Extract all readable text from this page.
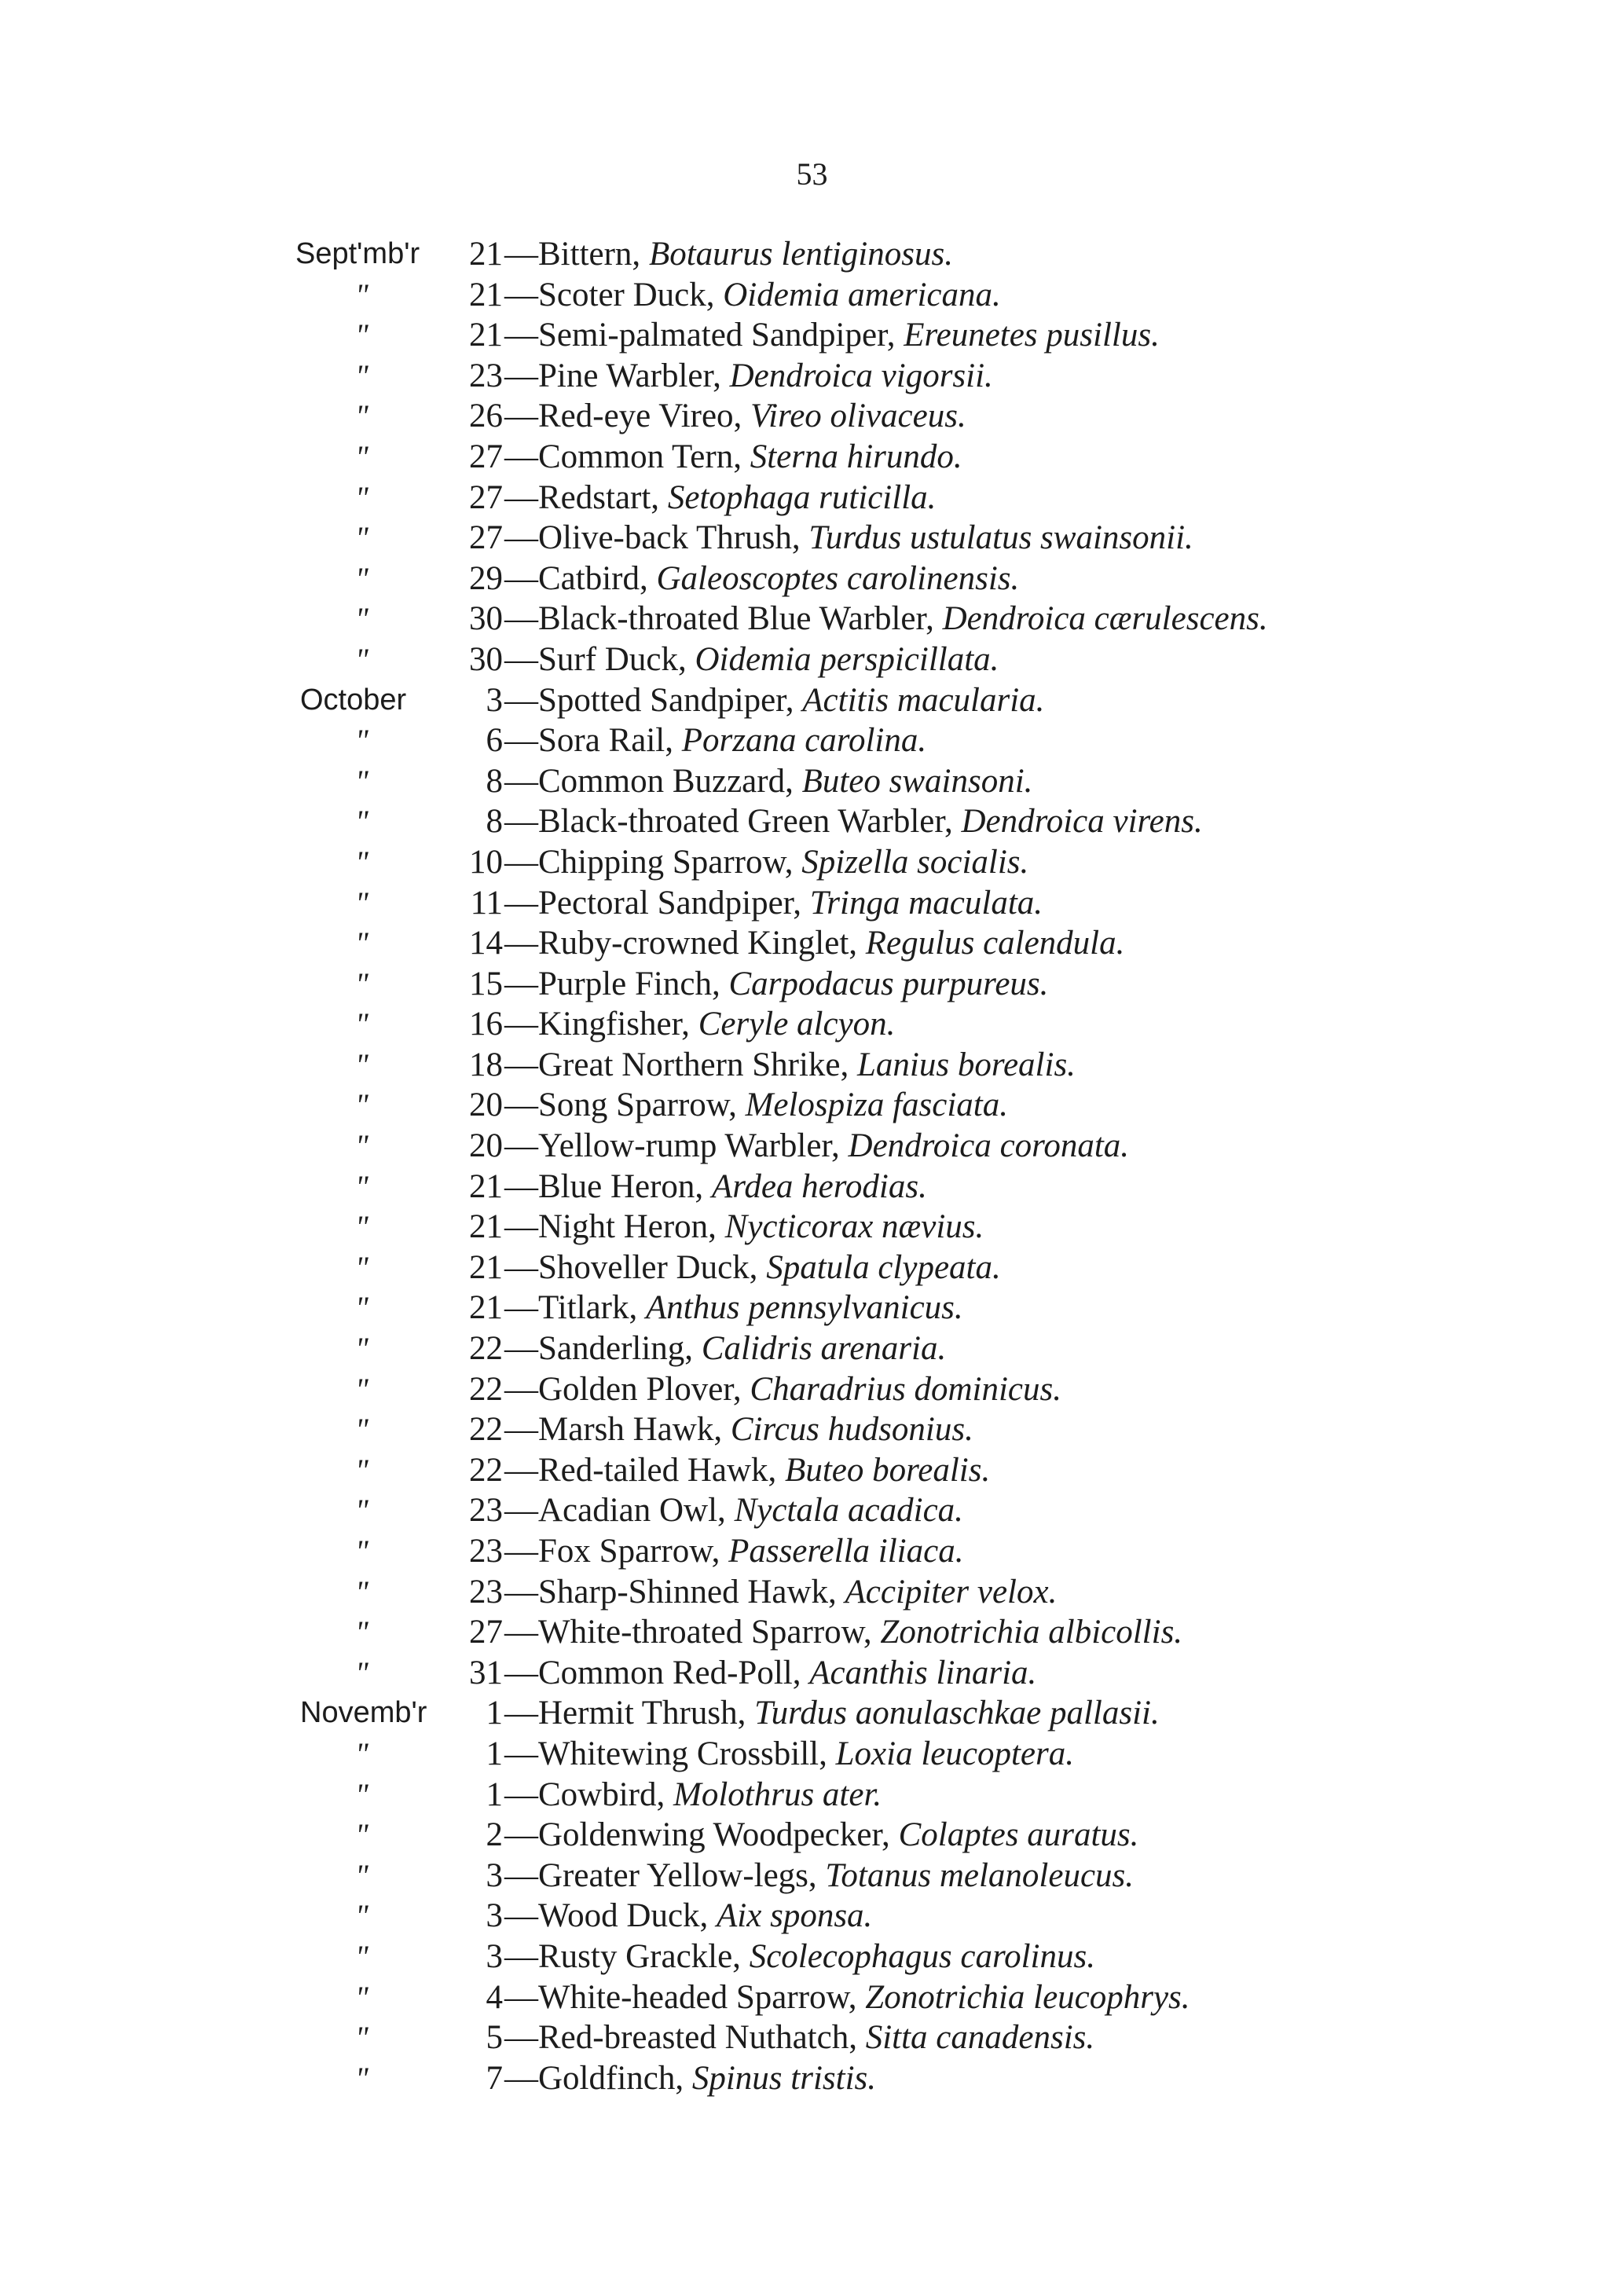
53
Sept'mb'r	21 —Bittern, Botaurus lentiginosus.
"	21 —Scoter Duck, Oidemia americana.
"	21 —Semi-palmated Sandpiper, Ereunetes pusillus.
"	23 —Pine Warbler, Dendroica vigorsii.
"	26 —Red-eye Vireo, Vireo olivaceus.
"	27 —Common Tern, Sterna hirundo.
"	27 —Redstart, Setophaga ruticilla.
"	27 —Olive-back Thrush, Turdus ustulatus swainsonii.
"	29 —Catbird, Galeoscoptes carolinensis.
"	30 —Black-throated Blue Warbler, Dendroica cærulescens.
"	30 —Surf Duck, Oidemia perspicillata.
October	3 —Spotted Sandpiper, Actitis macularia.
"	6 —Sora Rail, Porzana carolina.
"	8 —Common Buzzard, Buteo swainsoni.
"	8 —Black-throated Green Warbler, Dendroica virens.
"	10 —Chipping Sparrow, Spizella socialis.
"	11 —Pectoral Sandpiper, Tringa maculata.
"	14 —Ruby-crowned Kinglet, Regulus calendula.
"	15 —Purple Finch, Carpodacus purpureus.
"	16 —Kingfisher, Ceryle alcyon.
"	18 —Great Northern Shrike, Lanius borealis.
"	20 —Song Sparrow, Melospiza fasciata.
"	20 —Yellow-rump Warbler, Dendroica coronata.
"	21 —Blue Heron, Ardea herodias.
"	21 —Night Heron, Nycticorax nævius.
"	21 —Shoveller Duck, Spatula clypeata.
"	21 —Titlark, Anthus pennsylvanicus.
"	22 —Sanderling, Calidris arenaria.
"	22 —Golden Plover, Charadrius dominicus.
"	22 —Marsh Hawk, Circus hudsonius.
"	22 —Red-tailed Hawk, Buteo borealis.
"	23 —Acadian Owl, Nyctala acadica.
"	23 —Fox Sparrow, Passerella iliaca.
"	23 —Sharp-Shinned Hawk, Accipiter velox.
"	27 —White-throated Sparrow, Zonotrichia albicollis.
"	31 —Common Red-Poll, Acanthis linaria.
Novemb'r	1 —Hermit Thrush, Turdus aonulaschkae pallasii.
"	1 —Whitewing Crossbill, Loxia leucoptera.
"	1 —Cowbird, Molothrus ater.
"	2 —Goldenwing Woodpecker, Colaptes auratus.
"	3 —Greater Yellow-legs, Totanus melanoleucus.
"	3 —Wood Duck, Aix sponsa.
"	3 —Rusty Grackle, Scolecophagus carolinus.
"	4 —White-headed Sparrow, Zonotrichia leucophrys.
"	5 —Red-breasted Nuthatch, Sitta canadensis.
"	7 —Goldfinch, Spinus tristis.
